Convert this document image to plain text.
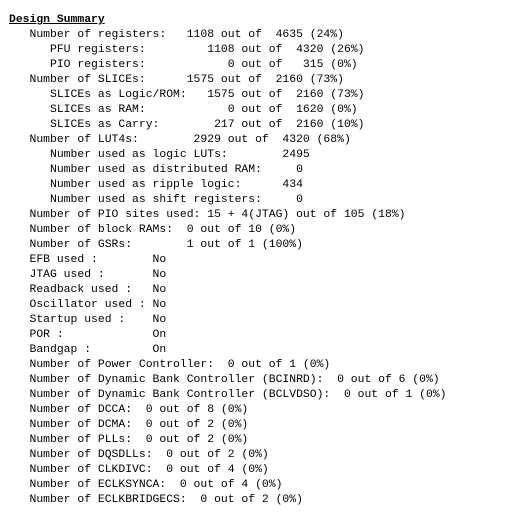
Design Summary
Number of registers:   1108 out of  4635 (24%)
PFU registers:         1108 out of  4320 (26%)
PIO registers:            0 out of   315 (0%)
Number of SLICEs:      1575 out of  2160 (73%)
SLICEs as Logic/ROM:   1575 out of  2160 (73%)
SLICEs as RAM:            0 out of  1620 (0%)
SLICEs as Carry:        217 out of  2160 (10%)
Number of LUT4s:        2929 out of  4320 (68%)
Number used as logic LUTs:        2495
Number used as distributed RAM:     0
Number used as ripple logic:      434
Number used as shift registers:     0
Number of PIO sites used: 15 + 4(JTAG) out of 105 (18%)
Number of block RAMs:  0 out of 10 (0%)
Number of GSRs:        1 out of 1 (100%)
EFB used :        No
JTAG used :       No
Readback used :   No
Oscillator used : No
Startup used :    No
POR :             On
Bandgap :         On
Number of Power Controller:  0 out of 1 (0%)
Number of Dynamic Bank Controller (BCINRD):  0 out of 6 (0%)
Number of Dynamic Bank Controller (BCLVDSO):  0 out of 1 (0%)
Number of DCCA:  0 out of 8 (0%)
Number of DCMA:  0 out of 2 (0%)
Number of PLLs:  0 out of 2 (0%)
Number of DQSDLLs:  0 out of 2 (0%)
Number of CLKDIVC:  0 out of 4 (0%)
Number of ECLKSYNCA:  0 out of 4 (0%)
Number of ECLKBRIDGECS:  0 out of 2 (0%)
